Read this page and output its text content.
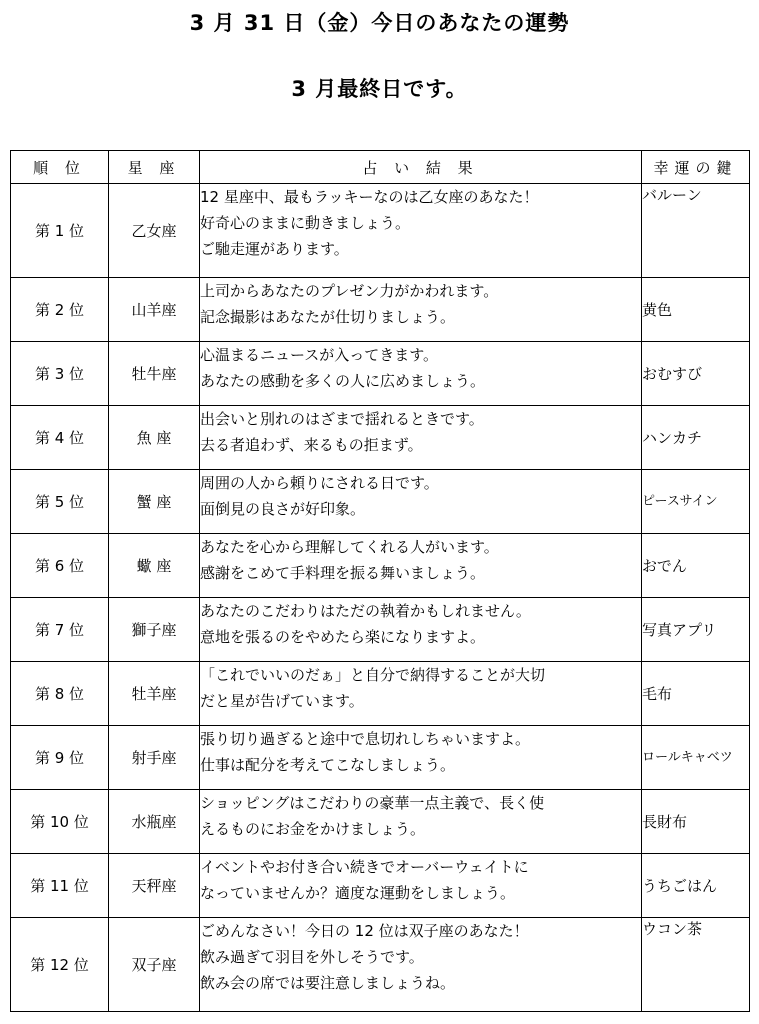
3 月 31 日（金）今日のあなたの運勢
3 月最終日です。
順 位	星 座	占 い 結 果	幸運の鍵
第 1 位	乙女座	12 星座中、最もラッキーなのは乙女座のあなた！
好奇心のままに動きましょう。
ご馳走運があります。	バルーン
第 2 位	山羊座	上司からあなたのプレゼン力がかわれます。
記念撮影はあなたが仕切りましょう。	黄色
第 3 位	牡牛座	心温まるニュースが入ってきます。
あなたの感動を多くの人に広めましょう。	おむすび
第 4 位	魚 座	出会いと別れのはざまで揺れるときです。
去る者追わず、来るもの拒まず。	ハンカチ
第 5 位	蟹 座	周囲の人から頼りにされる日です。
面倒見の良さが好印象。	ピースサイン
第 6 位	蠍 座	あなたを心から理解してくれる人がいます。
感謝をこめて手料理を振る舞いましょう。	おでん
第 7 位	獅子座	あなたのこだわりはただの執着かもしれません。
意地を張るのをやめたら楽になりますよ。	写真アプリ
第 8 位	牡羊座	「これでいいのだぁ」と自分で納得することが大切
だと星が告げています。	毛布
第 9 位	射手座	張り切り過ぎると途中で息切れしちゃいますよ。
仕事は配分を考えてこなしましょう。	ロールキャベツ
第 10 位	水瓶座	ショッピングはこだわりの豪華一点主義で、長く使
えるものにお金をかけましょう。	長財布
第 11 位	天秤座	イベントやお付き合い続きでオーバーウェイトに
なっていませんか？適度な運動をしましょう。	うちごはん
第 12 位	双子座	ごめんなさい！今日の 12 位は双子座のあなた！
飲み過ぎて羽目を外しそうです。
飲み会の席では要注意しましょうね。	ウコン茶
